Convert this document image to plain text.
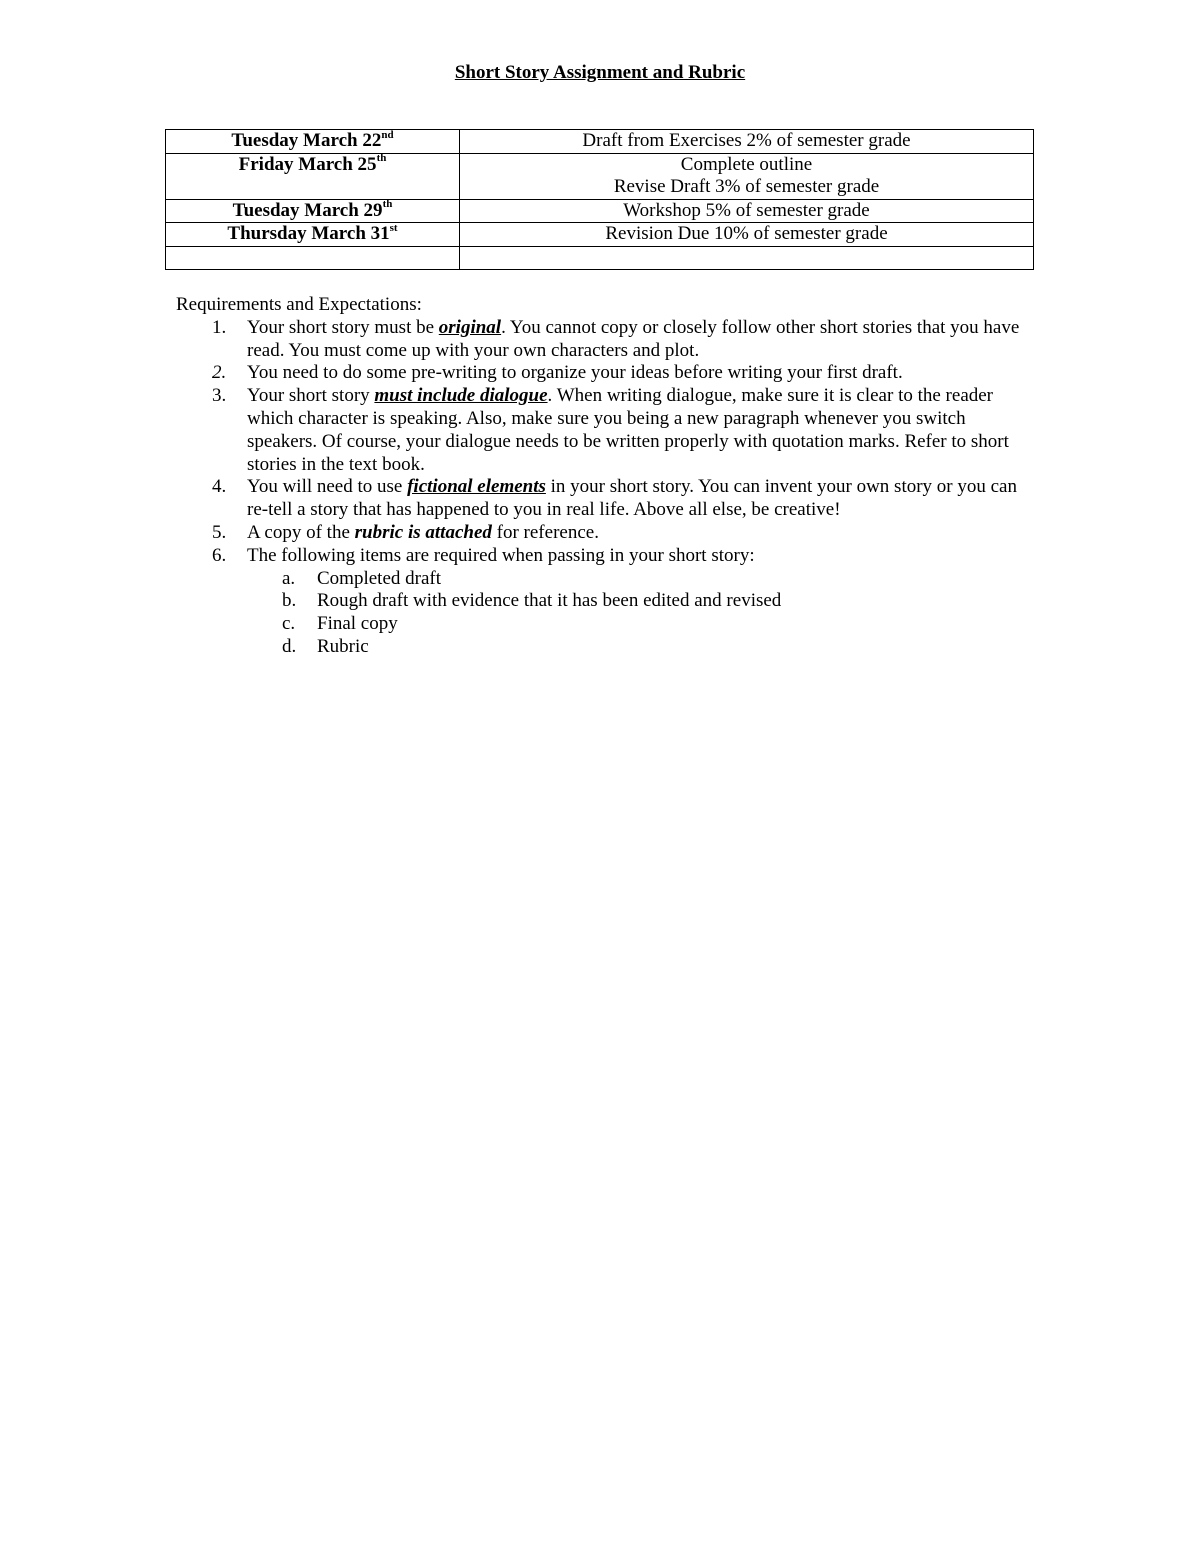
Short Story Assignment and Rubric
Tuesday March 22nd	Draft from Exercises 2% of semester grade

Friday March 25th	Complete outline
Revise Draft 3% of semester grade

Tuesday March 29th	Workshop 5% of semester grade

Thursday March 31st	Revision Due 10% of semester grade

Requirements and Expectations:

1. Your short story must be original. You cannot copy or closely follow other short stories that you have read. You must come up with your own characters and plot.
2. You need to do some pre-writing to organize your ideas before writing your first draft.
3. Your short story must include dialogue. When writing dialogue, make sure it is clear to the reader which character is speaking. Also, make sure you being a new paragraph whenever you switch speakers. Of course, your dialogue needs to be written properly with quotation marks. Refer to short stories in the text book.
4. You will need to use fictional elements in your short story. You can invent your own story or you can re-tell a story that has happened to you in real life. Above all else, be creative!
5. A copy of the rubric is attached for reference.
6. The following items are required when passing in your short story:
a. Completed draft
b. Rough draft with evidence that it has been edited and revised
c. Final copy
d. Rubric
